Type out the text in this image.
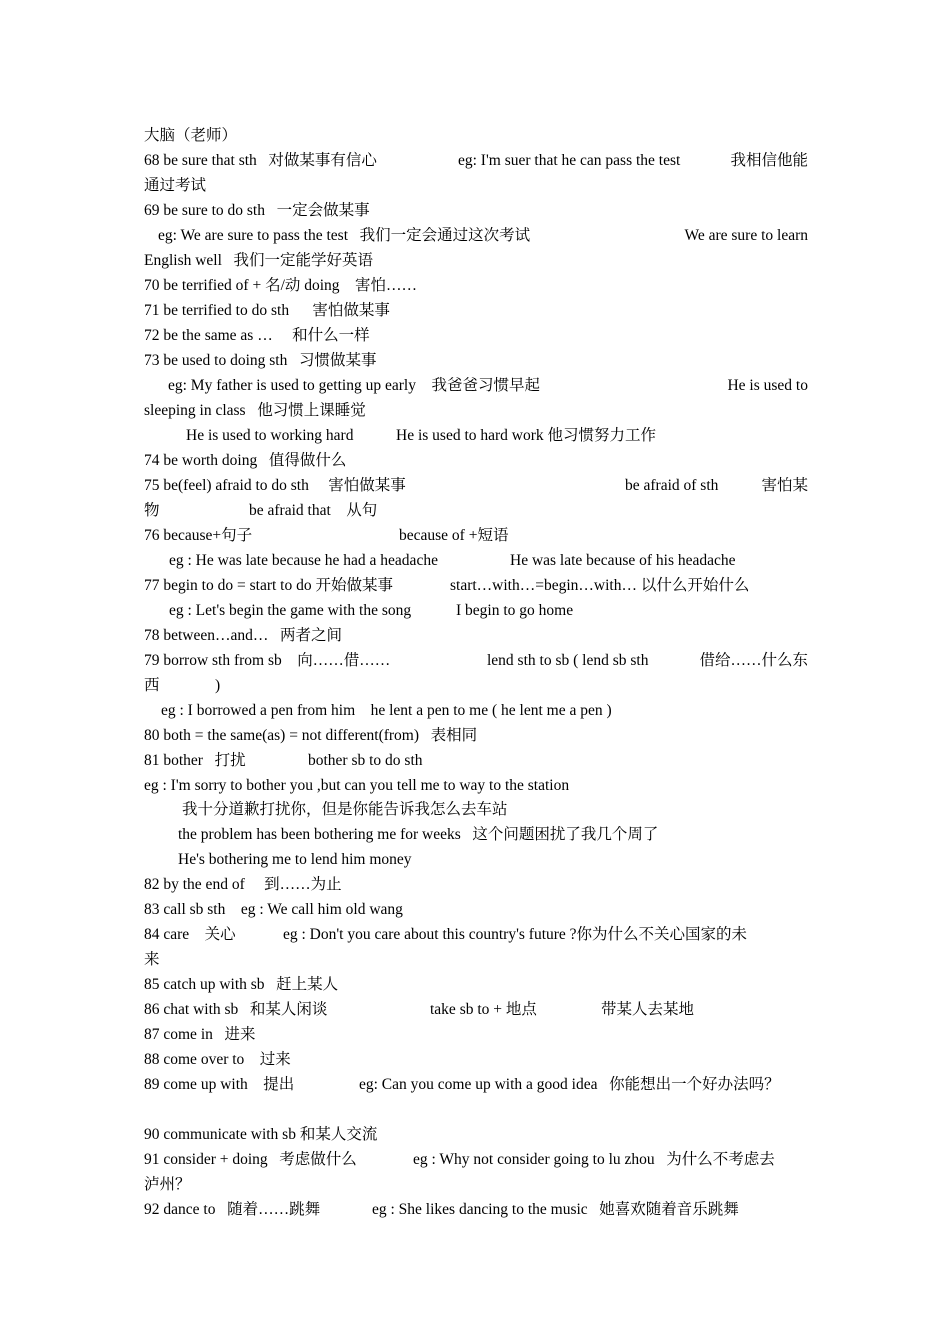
大脑（老师）

68 be sure that sth   对做某事有信心

	eg: I'm suer that he can pass the test

	我相信他能

通过考试

69 be sure to do sth   一定会做某事

eg: We are sure to pass the test   我们一定会通过这次考试

	We are sure to learn

English well   我们一定能学好英语

70 be terrified of + 名/动 doing    害怕……

71 be terrified to do sth      害怕做某事

72 be the same as …     和什么一样

73 be used to doing sth   习惯做某事

eg: My father is used to getting up early    我爸爸习惯早起

	He is used to

sleeping in class   他习惯上课睡觉

He is used to working hard

	He is used to hard work 他习惯努力工作

74 be worth doing   值得做什么

75 be(feel) afraid to do sth     害怕做某事

	be afraid of sth

	害怕某

物

	be afraid that    从句

76 because+句子

	because of +短语

eg : He was late because he had a headache

	He was late because of his headache

77 begin to do = start to do 开始做某事

	start…with…=begin…with… 以什么开始什么

eg : Let's begin the game with the song

	I begin to go home

78 between…and…   两者之间

79 borrow sth from sb    向……借……

	lend sth to sb ( lend sb sth

	借给……什么东

西

	)

eg : I borrowed a pen from him    he lent a pen to me ( he lent me a pen )

80 both = the same(as) = not different(from)   表相同

81 bother   打扰

	bother sb to do sth

eg : I'm sorry to bother you ,but can you tell me to way to the station

我十分道歉打扰你，但是你能告诉我怎么去车站

the problem has been bothering me for weeks   这个问题困扰了我几个周了

He's bothering me to lend him money

82 by the end of     到……为止

83 call sb sth    eg : We call him old wang

84 care    关心

	eg : Don't you care about this country's future ?你为什么不关心国家的未

来

85 catch up with sb   赶上某人

86 chat with sb   和某人闲谈

	take sb to + 地点

	带某人去某地

87 come in   进来

88 come over to    过来

89 come up with    提出

	eg: Can you come up with a good idea   你能想出一个好办法吗？

90 communicate with sb 和某人交流

91 consider + doing   考虑做什么

	eg : Why not consider going to lu zhou   为什么不考虑去

泸州？

92 dance to   随着……跳舞

	eg : She likes dancing to the music   她喜欢随着音乐跳舞
